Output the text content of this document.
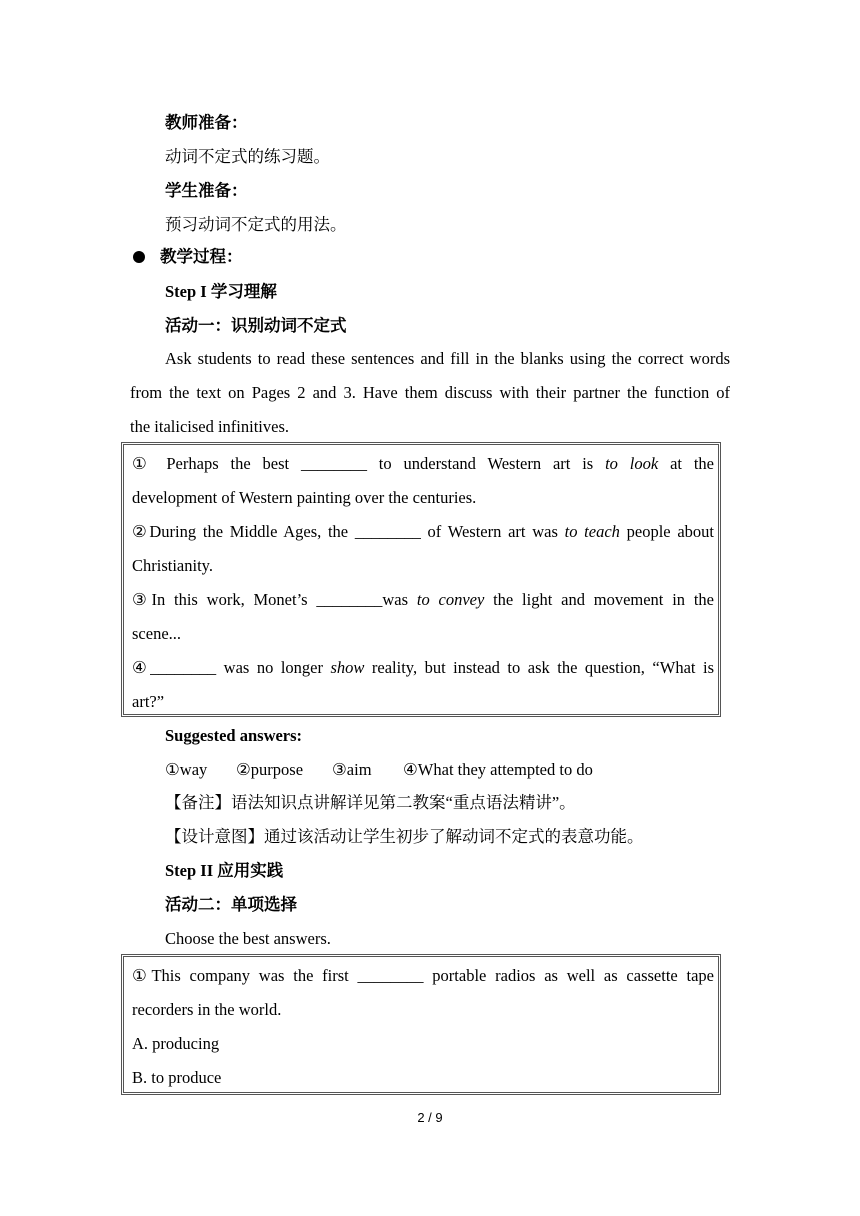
教师准备：
动词不定式的练习题。
学生准备：
预习动词不定式的用法。
教学过程：
Step I 学习理解
活动一：识别动词不定式
Ask students to read these sentences and fill in the blanks using the correct words
from the text on Pages 2 and 3. Have them discuss with their partner the function of
the italicised infinitives.
① Perhaps the best ________ to understand Western art is to look at the
development of Western painting over the centuries.
②During the Middle Ages, the ________ of Western art was to teach people about
Christianity.
③In this work, Monet’s ________was to convey the light and movement in the
scene...
④________ was no longer show reality, but instead to ask the question, “What is
art?”
Suggested answers:
①way ②purpose ③aim ④What they attempted to do
【备注】语法知识点讲解详见第二教案“重点语法精讲”。
【设计意图】通过该活动让学生初步了解动词不定式的表意功能。
Step II 应用实践
活动二：单项选择
Choose the best answers.
①This company was the first ________ portable radios as well as cassette tape
recorders in the world.
A. producing
B. to produce
2 / 9
